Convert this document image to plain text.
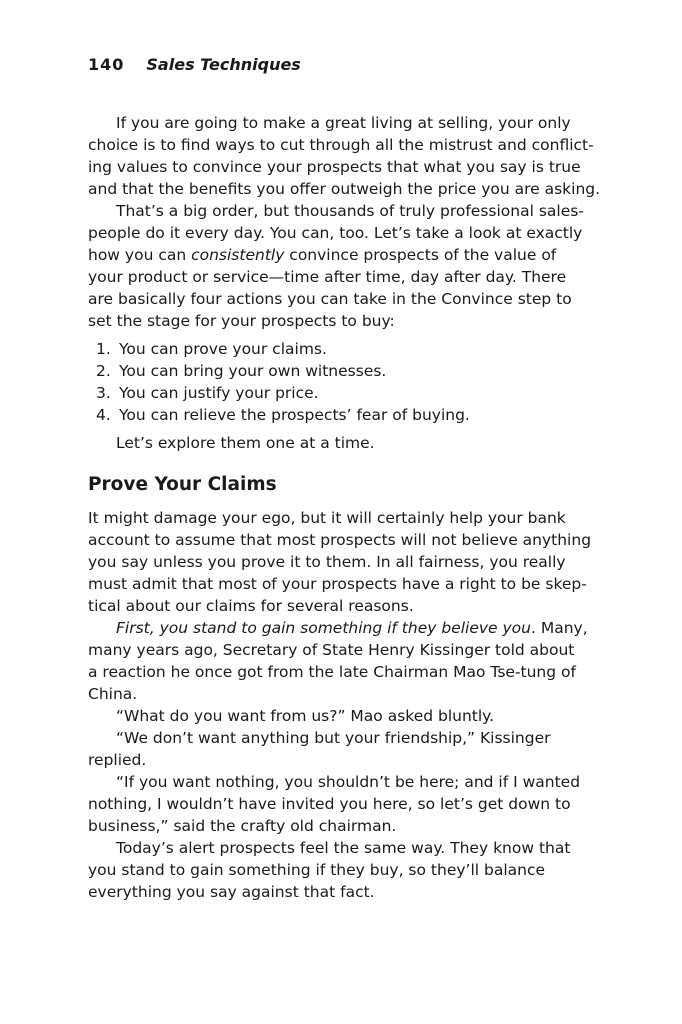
140 Sales Techniques
If you are going to make a great living at selling, your only
choice is to find ways to cut through all the mistrust and conflict-
ing values to convince your prospects that what you say is true
and that the benefits you offer outweigh the price you are asking.
That’s a big order, but thousands of truly professional sales-
people do it every day. You can, too. Let’s take a look at exactly
how you can consistently convince prospects of the value of
your product or service—time after time, day after day. There
are basically four actions you can take in the Convince step to
set the stage for your prospects to buy:
1. You can prove your claims.
2. You can bring your own witnesses.
3. You can justify your price.
4. You can relieve the prospects’ fear of buying.
Let’s explore them one at a time.
Prove Your Claims
It might damage your ego, but it will certainly help your bank
account to assume that most prospects will not believe anything
you say unless you prove it to them. In all fairness, you really
must admit that most of your prospects have a right to be skep-
tical about our claims for several reasons.
First, you stand to gain something if they believe you. Many,
many years ago, Secretary of State Henry Kissinger told about
a reaction he once got from the late Chairman Mao Tse-tung of
China.
“What do you want from us?” Mao asked bluntly.
“We don’t want anything but your friendship,” Kissinger
replied.
“If you want nothing, you shouldn’t be here; and if I wanted
nothing, I wouldn’t have invited you here, so let’s get down to
business,” said the crafty old chairman.
Today’s alert prospects feel the same way. They know that
you stand to gain something if they buy, so they’ll balance
everything you say against that fact.
